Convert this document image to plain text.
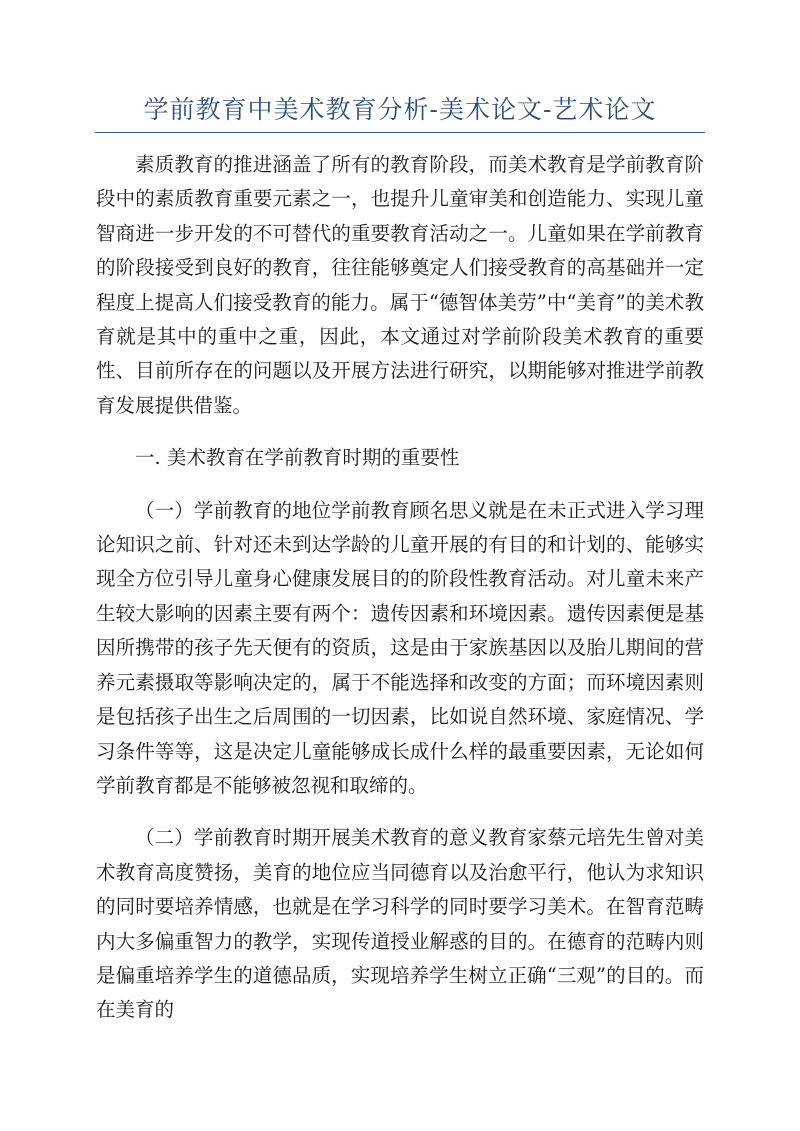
学前教育中美术教育分析-美术论文-艺术论文

素质教育的推进涵盖了所有的教育阶段，而美术教育是学前教育阶段中的素质教育重要元素之一，也提升儿童审美和创造能力、实现儿童智商进一步开发的不可替代的重要教育活动之一。儿童如果在学前教育的阶段接受到良好的教育，往往能够奠定人们接受教育的高基础并一定程度上提高人们接受教育的能力。属于“德智体美劳”中“美育”的美术教育就是其中的重中之重，因此，本文通过对学前阶段美术教育的重要性、目前所存在的问题以及开展方法进行研究，以期能够对推进学前教育发展提供借鉴。

一. 美术教育在学前教育时期的重要性

（一）学前教育的地位学前教育顾名思义就是在未正式进入学习理论知识之前、针对还未到达学龄的儿童开展的有目的和计划的、能够实现全方位引导儿童身心健康发展目的的阶段性教育活动。对儿童未来产生较大影响的因素主要有两个：遗传因素和环境因素。遗传因素便是基因所携带的孩子先天便有的资质，这是由于家族基因以及胎儿期间的营养元素摄取等影响决定的，属于不能选择和改变的方面；而环境因素则是包括孩子出生之后周围的一切因素，比如说自然环境、家庭情况、学习条件等等，这是决定儿童能够成长成什么样的最重要因素，无论如何学前教育都是不能够被忽视和取缔的。

（二）学前教育时期开展美术教育的意义教育家蔡元培先生曾对美术教育高度赞扬，美育的地位应当同德育以及治愈平行，他认为求知识的同时要培养情感，也就是在学习科学的同时要学习美术。在智育范畴内大多偏重智力的教学，实现传道授业解惑的目的。在德育的范畴内则是偏重培养学生的道德品质，实现培养学生树立正确“三观”的目的。而在美育的
